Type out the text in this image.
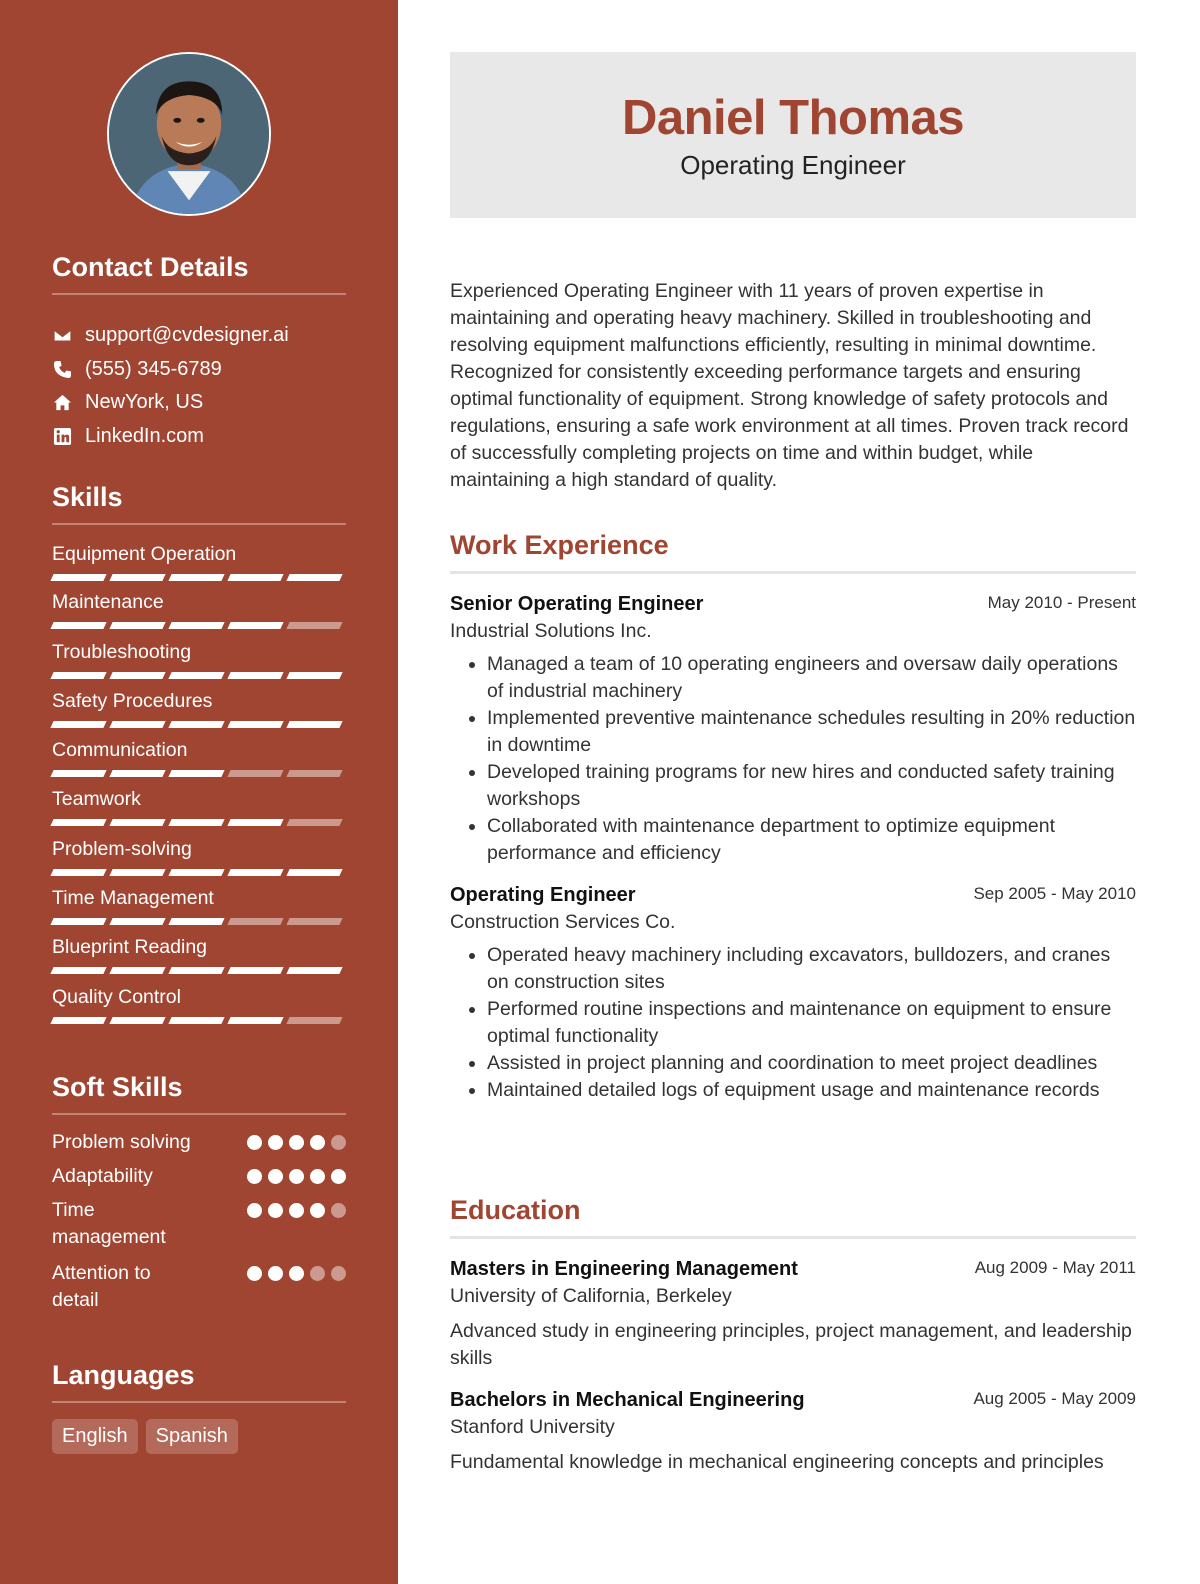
Contact Details
support@cvdesigner.ai
(555) 345-6789
NewYork, US
LinkedIn.com
Skills
Equipment Operation
Maintenance
Troubleshooting
Safety Procedures
Communication
Teamwork
Problem-solving
Time Management
Blueprint Reading
Quality Control
Soft Skills
Problem solving
Adaptability
Time management
Attention to detail
Languages
English	Spanish
Daniel Thomas
Operating Engineer

Experienced Operating Engineer with 11 years of proven expertise in maintaining and operating heavy machinery. Skilled in troubleshooting and resolving equipment malfunctions efficiently, resulting in minimal downtime. Recognized for consistently exceeding performance targets and ensuring optimal functionality of equipment. Strong knowledge of safety protocols and regulations, ensuring a safe work environment at all times. Proven track record of successfully completing projects on time and within budget, while maintaining a high standard of quality.

Work Experience
Senior Operating Engineer	May 2010 - Present
Industrial Solutions Inc.
• Managed a team of 10 operating engineers and oversaw daily operations of industrial machinery
• Implemented preventive maintenance schedules resulting in 20% reduction in downtime
• Developed training programs for new hires and conducted safety training workshops
• Collaborated with maintenance department to optimize equipment performance and efficiency
Operating Engineer	Sep 2005 - May 2010
Construction Services Co.
• Operated heavy machinery including excavators, bulldozers, and cranes on construction sites
• Performed routine inspections and maintenance on equipment to ensure optimal functionality
• Assisted in project planning and coordination to meet project deadlines
• Maintained detailed logs of equipment usage and maintenance records
Education
Masters in Engineering Management	Aug 2009 - May 2011
University of California, Berkeley
Advanced study in engineering principles, project management, and leadership skills
Bachelors in Mechanical Engineering	Aug 2005 - May 2009
Stanford University
Fundamental knowledge in mechanical engineering concepts and principles
